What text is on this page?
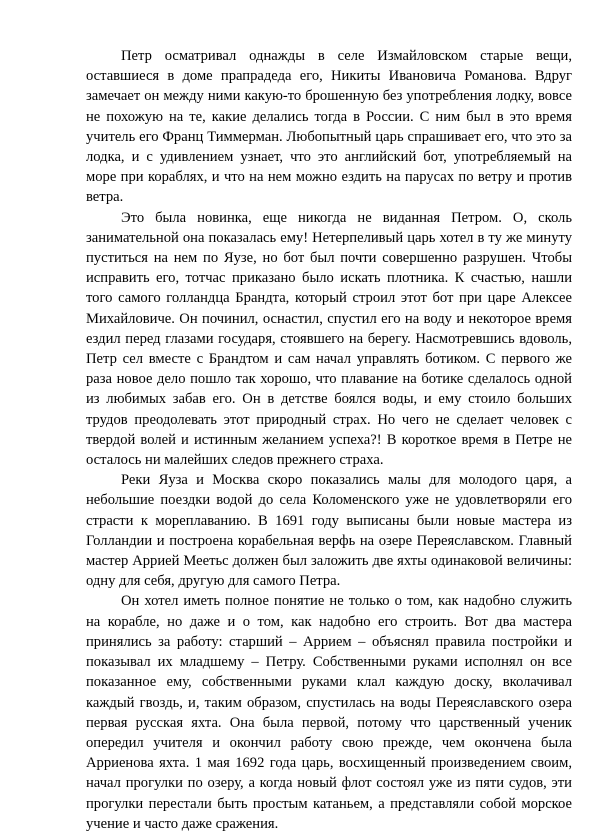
Петр осматривал однажды в селе Измайловском старые вещи, оставшиеся в доме прапрадеда его, Никиты Ивановича Романова. Вдруг замечает он между ними какую-то брошенную без употребления лодку, вовсе не похожую на те, какие делались тогда в России. С ним был в это время учитель его Франц Тиммерман. Любопытный царь спрашивает его, что это за лодка, и с удивлением узнает, что это английский бот, употребляемый на море при кораблях, и что на нем можно ездить на парусах по ветру и против ветра.

Это была новинка, еще никогда не виданная Петром. О, сколь занимательной она показалась ему! Нетерпеливый царь хотел в ту же минуту пуститься на нем по Яузе, но бот был почти совершенно разрушен. Чтобы исправить его, тотчас приказано было искать плотника. К счастью, нашли того самого голландца Брандта, который строил этот бот при царе Алексее Михайловиче. Он починил, оснастил, спустил его на воду и некоторое время ездил перед глазами государя, стоявшего на берегу. Насмотревшись вдоволь, Петр сел вместе с Брандтом и сам начал управлять ботиком. С первого же раза новое дело пошло так хорошо, что плавание на ботике сделалось одной из любимых забав его. Он в детстве боялся воды, и ему стоило больших трудов преодолевать этот природный страх. Но чего не сделает человек с твердой волей и истинным желанием успеха?! В короткое время в Петре не осталось ни малейших следов прежнего страха.

Реки Яуза и Москва скоро показались малы для молодого царя, а небольшие поездки водой до села Коломенского уже не удовлетворяли его страсти к мореплаванию. В 1691 году выписаны были новые мастера из Голландии и построена корабельная верфь на озере Переяславском. Главный мастер Аррией Меетьс должен был заложить две яхты одинаковой величины: одну для себя, другую для самого Петра.

Он хотел иметь полное понятие не только о том, как надобно служить на корабле, но даже и о том, как надобно его строить. Вот два мастера принялись за работу: старший – Аррием – объяснял правила постройки и показывал их младшему – Петру. Собственными руками исполнял он все показанное ему, собственными руками клал каждую доску, вколачивал каждый гвоздь, и, таким образом, спустилась на воды Переяславского озера первая русская яхта. Она была первой, потому что царственный ученик опередил учителя и окончил работу свою прежде, чем окончена была Арриенова яхта. 1 мая 1692 года царь, восхищенный произведением своим, начал прогулки по озеру, а когда новый флот состоял уже из пяти судов, эти прогулки перестали быть простым катаньем, а представляли собой морское учение и часто даже сражения.
